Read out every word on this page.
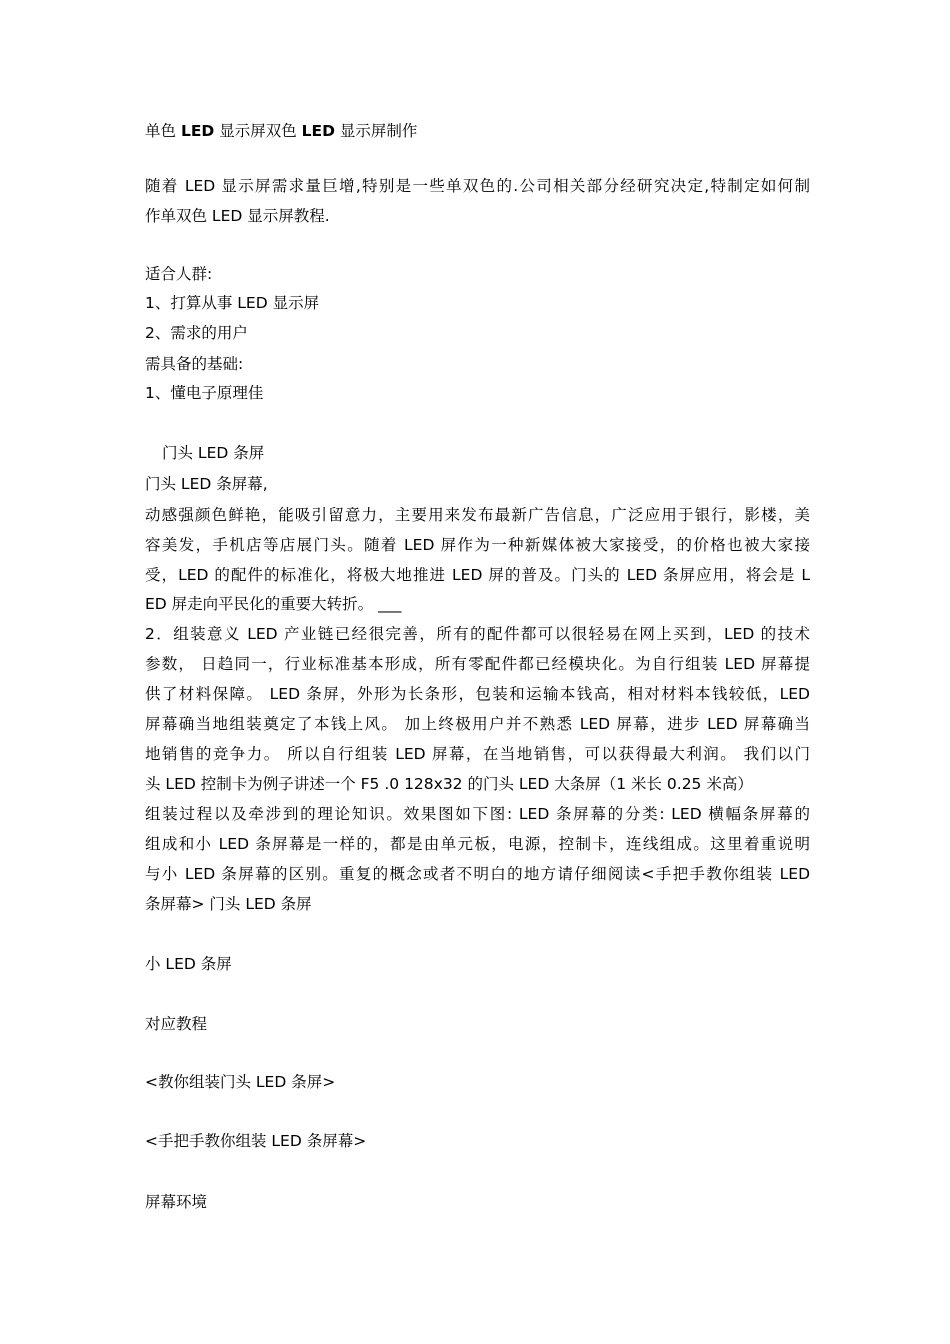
单色 LED 显示屏双色 LED 显示屏制作
随着 LED 显示屏需求量巨增,特别是一些单双色的.公司相关部分经研究决定,特制定如何制
作单双色 LED 显示屏教程.
适合人群:
1、打算从事 LED 显示屏
2、需求的用户
需具备的基础:
1、懂电子原理佳
门头 LED 条屏
门头 LED 条屏幕,
动感强颜色鲜艳，能吸引留意力，主要用来发布最新广告信息，广泛应用于银行，影楼，美
容美发，手机店等店展门头。随着 LED 屏作为一种新媒体被大家接受，的价格也被大家接
受，LED 的配件的标准化，将极大地推进 LED 屏的普及。门头的 LED 条屏应用，将会是 L
ED 屏走向平民化的重要大转折。 ___
2．组装意义 LED 产业链已经很完善，所有的配件都可以很轻易在网上买到，LED 的技术
参数， 日趋同一，行业标准基本形成，所有零配件都已经模块化。为自行组装 LED 屏幕提
供了材料保障。 LED 条屏，外形为长条形，包装和运输本钱高，相对材料本钱较低，LED
屏幕确当地组装奠定了本钱上风。 加上终极用户并不熟悉 LED 屏幕，进步 LED 屏幕确当
地销售的竞争力。 所以自行组装 LED 屏幕，在当地销售，可以获得最大利润。 我们以门
头 LED 控制卡为例子讲述一个 F5 .0 128x32 的门头 LED 大条屏（1 米长 0.25 米高）
组装过程以及牵涉到的理论知识。效果图如下图: LED 条屏幕的分类: LED 横幅条屏幕的
组成和小 LED 条屏幕是一样的，都是由单元板，电源，控制卡，连线组成。这里着重说明
与小 LED 条屏幕的区别。重复的概念或者不明白的地方请仔细阅读<手把手教你组装 LED
条屏幕> 门头 LED 条屏
小 LED 条屏
对应教程
<教你组装门头 LED 条屏>
<手把手教你组装 LED 条屏幕>
屏幕环境
